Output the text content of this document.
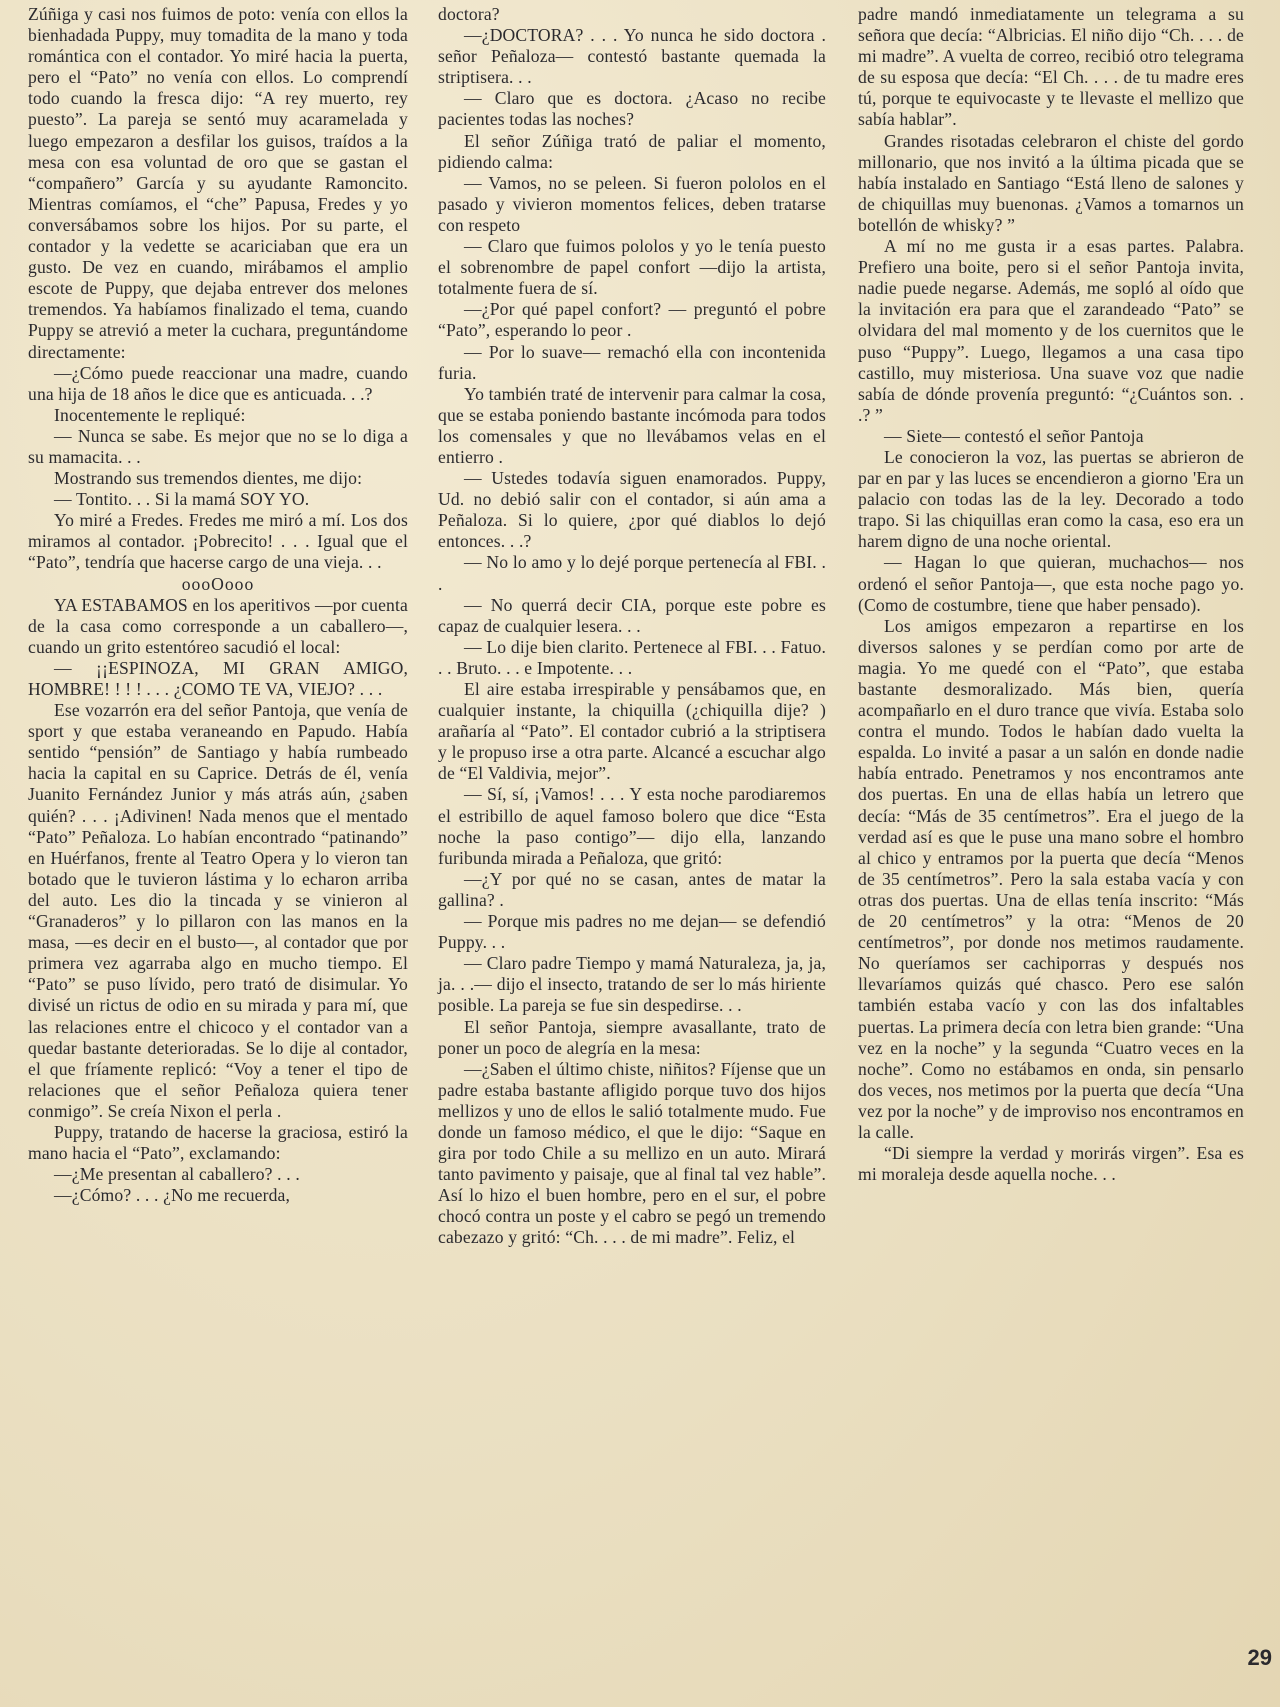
Zúñiga y casi nos fuimos de poto: venía con ellos la bienhadada Puppy, muy tomadita de la mano y toda romántica con el contador. Yo miré hacia la puerta, pero el “Pato” no venía con ellos. Lo comprendí todo cuando la fresca dijo: “A rey muerto, rey puesto”. La pareja se sentó muy acaramelada y luego empezaron a desfilar los guisos, traídos a la mesa con esa voluntad de oro que se gastan el “compañero” García y su ayudante Ramoncito. Mientras comíamos, el “che” Papusa, Fredes y yo conversábamos sobre los hijos. Por su parte, el contador y la vedette se acariciaban que era un gusto. De vez en cuando, mirábamos el amplio escote de Puppy, que dejaba entrever dos melones tremendos. Ya habíamos finalizado el tema, cuando Puppy se atrevió a meter la cuchara, preguntándome directamente:

—¿Cómo puede reaccionar una madre, cuando una hija de 18 años le dice que es anticuada. . .?

Inocentemente le repliqué:

— Nunca se sabe. Es mejor que no se lo diga a su mamacita. . .

Mostrando sus tremendos dientes, me dijo:

— Tontito. . . Si la mamá SOY YO.

Yo miré a Fredes. Fredes me miró a mí. Los dos miramos al contador. ¡Pobrecito! . . . Igual que el “Pato”, tendría que hacerse cargo de una vieja. . .

oooOooo

YA ESTABAMOS en los aperitivos —por cuenta de la casa como corresponde a un caballero—, cuando un grito estentóreo sacudió el local:

— ¡¡ESPINOZA, MI GRAN AMIGO, HOMBRE! ! ! ! . . . ¿COMO TE VA, VIEJO? . . .

Ese vozarrón era del señor Pantoja, que venía de sport y que estaba veraneando en Papudo. Había sentido “pensión” de Santiago y había rumbeado hacia la capital en su Caprice. Detrás de él, venía Juanito Fernández Junior y más atrás aún, ¿saben quién? . . . ¡Adivinen! Nada menos que el mentado “Pato” Peñaloza. Lo habían encontrado “patinando” en Huérfanos, frente al Teatro Opera y lo vieron tan botado que le tuvieron lástima y lo echaron arriba del auto. Les dio la tincada y se vinieron al “Granaderos” y lo pillaron con las manos en la masa, —es decir en el busto—, al contador que por primera vez agarraba algo en mucho tiempo. El “Pato” se puso lívido, pero trató de disimular. Yo divisé un rictus de odio en su mirada y para mí, que las relaciones entre el chicoco y el contador van a quedar bastante deterioradas. Se lo dije al contador, el que fríamente replicó: “Voy a tener el tipo de relaciones que el señor Peñaloza quiera tener conmigo”. Se creía Nixon el perla .

Puppy, tratando de hacerse la graciosa, estiró la mano hacia el “Pato”, exclamando:

—¿Me presentan al caballero? . . .

—¿Cómo? . . . ¿No me recuerda,

doctora?

—¿DOCTORA? . . . Yo nunca he sido doctora . señor Peñaloza— contestó bastante quemada la striptisera. . .

— Claro que es doctora. ¿Acaso no recibe pacientes todas las noches?

El señor Zúñiga trató de paliar el momento, pidiendo calma:

— Vamos, no se peleen. Si fueron pololos en el pasado y vivieron momentos felices, deben tratarse con respeto

— Claro que fuimos pololos y yo le tenía puesto el sobrenombre de papel confort —dijo la artista, totalmente fuera de sí.

—¿Por qué papel confort? — preguntó el pobre “Pato”, esperando lo peor .

— Por lo suave— remachó ella con incontenida furia.

Yo también traté de intervenir para calmar la cosa, que se estaba poniendo bastante incómoda para todos los comensales y que no llevábamos velas en el entierro .

— Ustedes todavía siguen enamorados. Puppy, Ud. no debió salir con el contador, si aún ama a Peñaloza. Si lo quiere, ¿por qué diablos lo dejó entonces. . .?

— No lo amo y lo dejé porque pertenecía al FBI. . .

— No querrá decir CIA, porque este pobre es capaz de cualquier lesera. . .

— Lo dije bien clarito. Pertenece al FBI. . . Fatuo. . . Bruto. . . e Impotente. . .

El aire estaba irrespirable y pensábamos que, en cualquier instante, la chiquilla (¿chiquilla dije? ) arañaría al “Pato”. El contador cubrió a la striptisera y le propuso irse a otra parte. Alcancé a escuchar algo de “El Valdivia, mejor”.

— Sí, sí, ¡Vamos! . . . Y esta noche parodiaremos el estribillo de aquel famoso bolero que dice “Esta noche la paso contigo”— dijo ella, lanzando furibunda mirada a Peñaloza, que gritó:

—¿Y por qué no se casan, antes de matar la gallina? .

— Porque mis padres no me dejan— se defendió Puppy. . .

— Claro padre Tiempo y mamá Naturaleza, ja, ja, ja. . .— dijo el insecto, tratando de ser lo más hiriente posible. La pareja se fue sin despedirse. . .

El señor Pantoja, siempre avasallante, trato de poner un poco de alegría en la mesa:

—¿Saben el último chiste, niñitos? Fíjense que un padre estaba bastante afligido porque tuvo dos hijos mellizos y uno de ellos le salió totalmente mudo. Fue donde un famoso médico, el que le dijo: “Saque en gira por todo Chile a su mellizo en un auto. Mirará tanto pavimento y paisaje, que al final tal vez hable”. Así lo hizo el buen hombre, pero en el sur, el pobre chocó contra un poste y el cabro se pegó un tremendo cabezazo y gritó: “Ch. . . . de mi madre”. Feliz, el

padre mandó inmediatamente un telegrama a su señora que decía: “Albricias. El niño dijo “Ch. . . . de mi madre”. A vuelta de correo, recibió otro telegrama de su esposa que decía: “El Ch. . . . de tu madre eres tú, porque te equivocaste y te llevaste el mellizo que sabía hablar”.

Grandes risotadas celebraron el chiste del gordo millonario, que nos invitó a la última picada que se había instalado en Santiago “Está lleno de salones y de chiquillas muy buenonas. ¿Vamos a tomarnos un botellón de whisky? ”

A mí no me gusta ir a esas partes. Palabra. Prefiero una boite, pero si el señor Pantoja invita, nadie puede negarse. Además, me sopló al oído que la invitación era para que el zarandeado “Pato” se olvidara del mal momento y de los cuernitos que le puso “Puppy”. Luego, llegamos a una casa tipo castillo, muy misteriosa. Una suave voz que nadie sabía de dónde provenía preguntó: “¿Cuántos son. . .? ”

— Siete— contestó el señor Pantoja

Le conocieron la voz, las puertas se abrieron de par en par y las luces se encendieron a giorno 'Era un palacio con todas las de la ley. Decorado a todo trapo. Si las chiquillas eran como la casa, eso era un harem digno de una noche oriental.

— Hagan lo que quieran, muchachos— nos ordenó el señor Pantoja—, que esta noche pago yo. (Como de costumbre, tiene que haber pensado).

Los amigos empezaron a repartirse en los diversos salones y se perdían como por arte de magia. Yo me quedé con el “Pato”, que estaba bastante desmoralizado. Más bien, quería acompañarlo en el duro trance que vivía. Estaba solo contra el mundo. Todos le habían dado vuelta la espalda. Lo invité a pasar a un salón en donde nadie había entrado. Penetramos y nos encontramos ante dos puertas. En una de ellas había un letrero que decía: “Más de 35 centímetros”. Era el juego de la verdad así es que le puse una mano sobre el hombro al chico y entramos por la puerta que decía “Menos de 35 centímetros”. Pero la sala estaba vacía y con otras dos puertas. Una de ellas tenía inscrito: “Más de 20 centímetros” y la otra: “Menos de 20 centímetros”, por donde nos metimos raudamente. No queríamos ser cachiporras y después nos llevaríamos quizás qué chasco. Pero ese salón también estaba vacío y con las dos infaltables puertas. La primera decía con letra bien grande: “Una vez en la noche” y la segunda “Cuatro veces en la noche”. Como no estábamos en onda, sin pensarlo dos veces, nos metimos por la puerta que decía “Una vez por la noche” y de improviso nos encontramos en la calle.

“Di siempre la verdad y morirás virgen”. Esa es mi moraleja desde aquella noche. . .

29
